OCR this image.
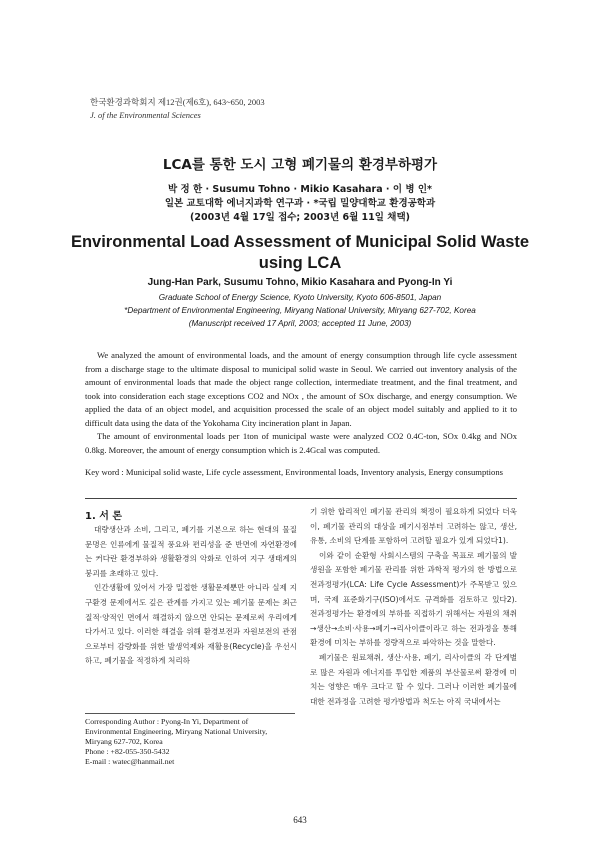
한국환경과학회지 제12권(제6호), 643~650, 2003
J. of the Environmental Sciences
LCA를 통한 도시 고형 폐기물의 환경부하평가
박 정 한 · Susumu Tohno · Mikio Kasahara · 이 병 인*
일본 교토대학 에너지과학 연구과 · *국립 밀양대학교 환경공학과
(2003년 4월 17일 접수; 2003년 6월 11일 채택)
Environmental Load Assessment of Municipal Solid Waste using LCA
Jung-Han Park, Susumu Tohno, Mikio Kasahara and Pyong-In Yi
Graduate School of Energy Science, Kyoto University, Kyoto 606-8501, Japan
*Department of Environmental Engineering, Miryang National University, Miryang 627-702, Korea
(Manuscript received 17 April, 2003; accepted 11 June, 2003)

We analyzed the amount of environmental loads, and the amount of energy consumption through life cycle assessment from a discharge stage to the ultimate disposal to municipal solid waste in Seoul. We carried out inventory analysis of the amount of environmental loads that made the object range collection, intermediate treatment, and the final treatment, and took into consideration each stage exceptions CO2 and NOx , the amount of SOx discharge, and energy consumption. We applied the data of an object model, and acquisition processed the scale of an object model suitably and applied to it to difficult data using the data of the Yokohama City incineration plant in Japan.

The amount of environmental loads per 1ton of municipal waste were analyzed CO2 0.4C-ton, SOx 0.4kg and NOx 0.8kg. Moreover, the amount of energy consumption which is 2.4Gcal was computed.

Key word : Municipal solid waste, Life cycle assessment, Environmental loads, Inventory analysis, Energy consumptions
1. 서 론

대량생산과 소비, 그리고, 폐기를 기본으로 하는 현대의 물질문명은 인류에게 물질적 풍요와 편리성을 준 반면에 자연환경에는 커다란 환경부하와 생활환경의 악화로 인하여 지구 생태계의 붕괴를 초래하고 있다.

인간생활에 있어서 가장 밀접한 생활문제뿐만 아니라 실제 지구환경 문제에서도 깊은 관계를 가지고 있는 폐기물 문제는 최근 질적·양적인 면에서 해결하지 않으면 안되는 문제로써 우리에게 다가서고 있다. 이러한 해결을 위해 환경보전과 자원보전의 관점으로부터 감량화를 위한 발생억제와 재활용(Recycle)을 우선시하고, 폐기물을 적정하게 처리하

기 위한 합리적인 폐기물 관리의 책정이 필요하게 되었다 더욱이, 폐기물 관리의 대상을 폐기시점부터 고려하는 않고, 생산, 유통, 소비의 단계를 포함하여 고려할 필요가 있게 되었다1).

이와 같이 순환형 사회시스템의 구축을 목표로 폐기물의 발생원을 포함한 폐기물 관리를 위한 과학적 평가의 한 방법으로 전과정평가(LCA: Life Cycle Assessment)가 주목받고 있으며, 국제 표준화기구(ISO)에서도 규격화를 검토하고 있다2). 전과정평가는 환경에의 부하를 직접하기 위해서는 자원의 채취→생산→소비·사용→폐기→리사이클이라고 하는 전과정을 통해 환경에 미치는 부하를 정량적으로 파악하는 것을 말한다.

폐기물은 원료채취, 생산·사용, 폐기, 리사이클의 각 단계별로 많은 자원과 에너지를 투입한 제품의 부산물로써 환경에 미치는 영향은 매우 크다고 할 수 있다. 그러나 이러한 폐기물에 대한 전과정을 고려한 평가방법과 척도는 아직 국내에서는

Corresponding Author : Pyong-In Yi, Department of Environmental Engineering, Miryang National University, Miryang 627-702, Korea
Phone : +82-055-350-5432
E-mail : watec@hanmail.net
643
